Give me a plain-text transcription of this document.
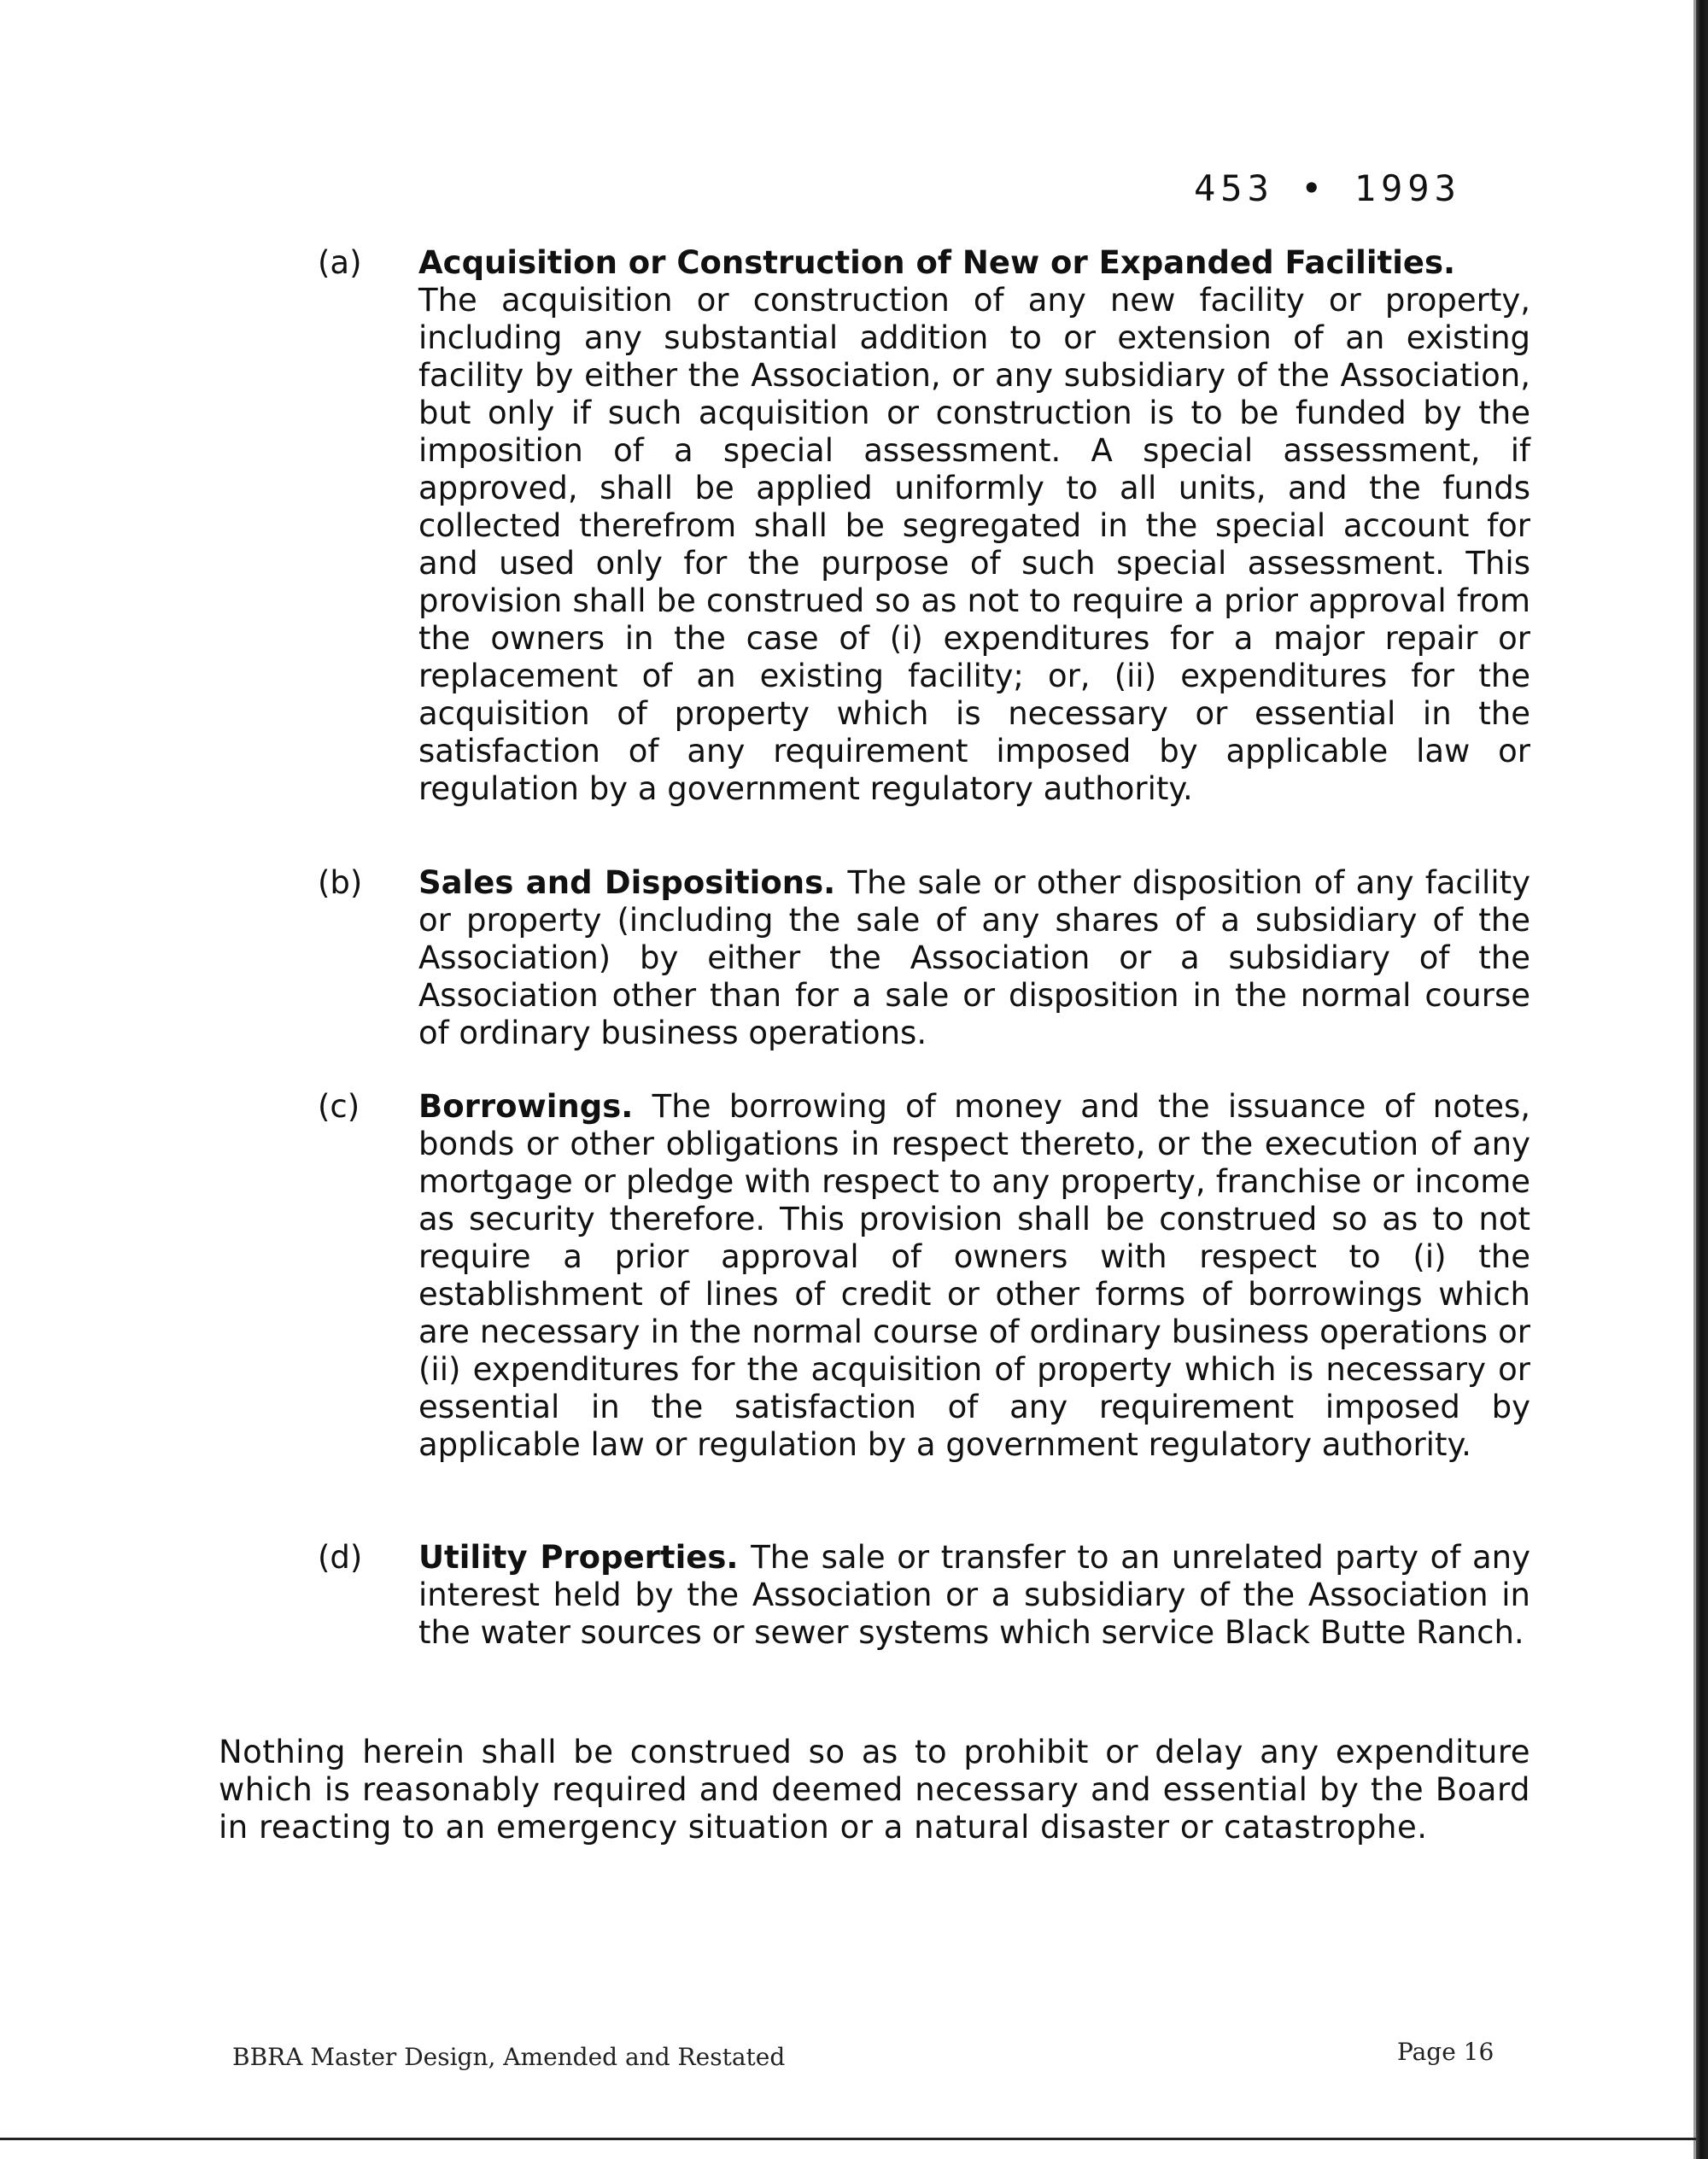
453 • 1993
(a) Acquisition or Construction of New or Expanded Facilities.
The acquisition or construction of any new facility or property, including any substantial addition to or extension of an existing facility by either the Association, or any subsidiary of the Association, but only if such acquisition or construction is to be funded by the imposition of a special assessment. A special assessment, if approved, shall be applied uniformly to all units, and the funds collected therefrom shall be segregated in the special account for and used only for the purpose of such special assessment. This provision shall be construed so as not to require a prior approval from the owners in the case of (i) expenditures for a major repair or replacement of an existing facility; or, (ii) expenditures for the acquisition of property which is necessary or essential in the satisfaction of any requirement imposed by applicable law or regulation by a government regulatory authority.
(b) Sales and Dispositions. The sale or other disposition of any facility or property (including the sale of any shares of a subsidiary of the Association) by either the Association or a subsidiary of the Association other than for a sale or disposition in the normal course of ordinary business operations.
(c) Borrowings. The borrowing of money and the issuance of notes, bonds or other obligations in respect thereto, or the execution of any mortgage or pledge with respect to any property, franchise or income as security therefore. This provision shall be construed so as to not require a prior approval of owners with respect to (i) the establishment of lines of credit or other forms of borrowings which are necessary in the normal course of ordinary business operations or (ii) expenditures for the acquisition of property which is necessary or essential in the satisfaction of any requirement imposed by applicable law or regulation by a government regulatory authority.
(d) Utility Properties. The sale or transfer to an unrelated party of any interest held by the Association or a subsidiary of the Association in the water sources or sewer systems which service Black Butte Ranch.
Nothing herein shall be construed so as to prohibit or delay any expenditure which is reasonably required and deemed necessary and essential by the Board in reacting to an emergency situation or a natural disaster or catastrophe.
BBRA Master Design, Amended and Restated	Page 16
